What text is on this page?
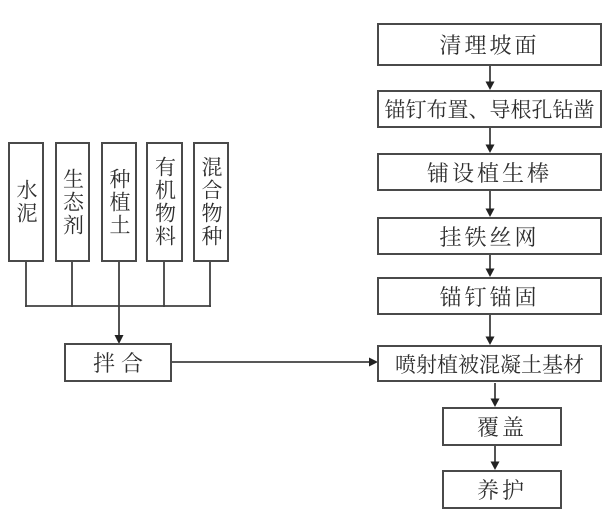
清理坡面
锚钉布置、导根孔钻凿
铺设植生棒
挂铁丝网
锚钉锚固
喷射植被混凝土基材
覆盖
养护
水泥 生态剂 种植土	有机物料	混合物种
拌合
